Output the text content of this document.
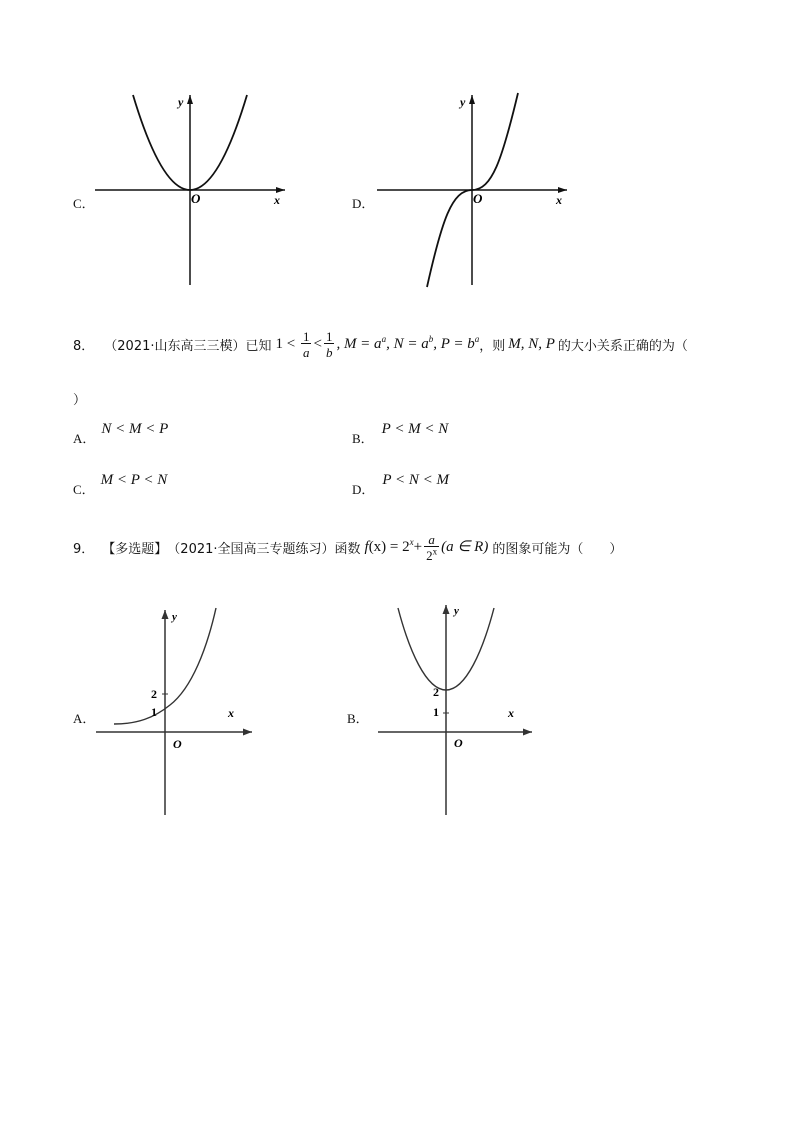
C．
y
x
O	D．
y
x
O
8． （2021·山东高三三模）已知 $1 < \frac{1}{a} < \frac{1}{b}$ , $M = a^a$, $N = a^b$, $P = b^a$
，则 M, N, P 的大小关系正确的为（
）
A．
N < M < P
B．
P < M < N
C．
M < P < N
D．
P < N < M
9． 【多选题】 （2021·全国高三专题练习）函数 $f(x) = 2^x+ \frac{a}{2^x} (a$ ∈ R) 的图象可能为（　　）
A．
y
x
O
2
1	B．
y
x
O
2
1
